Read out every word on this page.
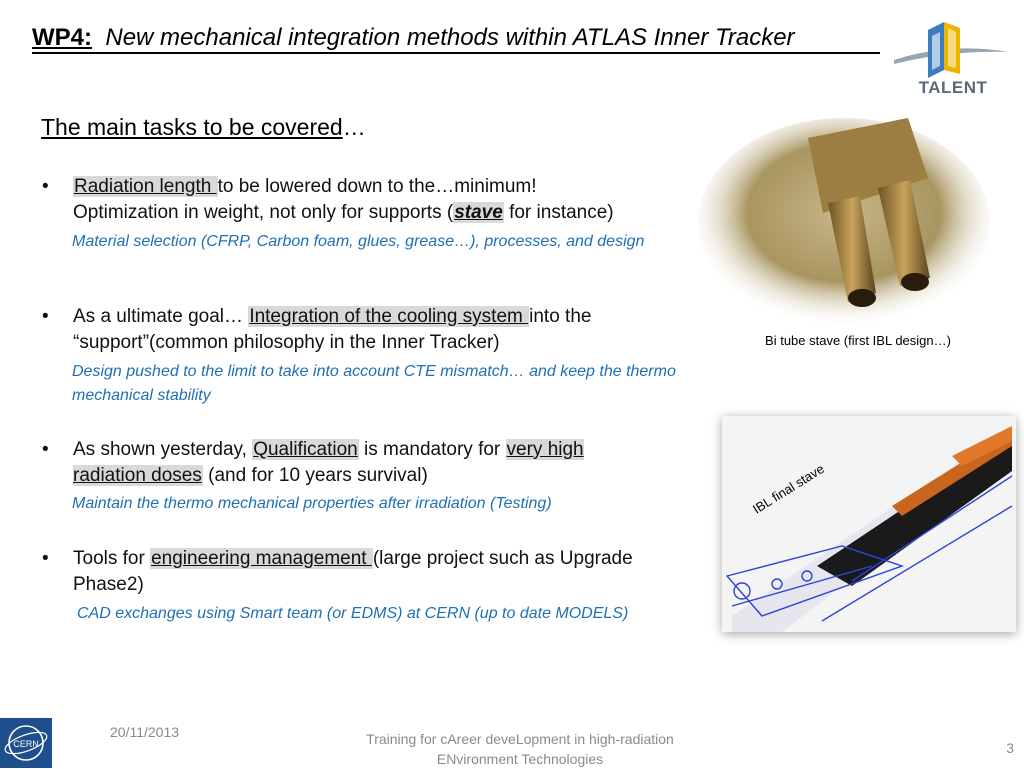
WP4: New mechanical integration methods within ATLAS Inner Tracker
TALENT
The main tasks to be covered…
• Radiation length to be lowered down to the…minimum!
Optimization in weight, not only for supports (stave for instance)
Material selection (CFRP, Carbon foam, glues, grease…), processes, and design
• As a ultimate goal… Integration of the cooling system into the “support”(common philosophy in the Inner Tracker)
Design pushed to the limit to take into account CTE mismatch… and keep the thermo mechanical stability
• As shown yesterday, Qualification is mandatory for very high radiation doses (and for 10 years survival)
Maintain the thermo mechanical properties after irradiation (Testing)
• Tools for engineering management (large project such as Upgrade Phase2)
CAD exchanges using Smart team (or EDMS) at CERN (up to date MODELS)
Bi tube stave (first IBL design…)
IBL final stave
CERN
20/11/2013	Training for cAreer deveLopment in high-radiation
ENvironment Technologies
3
